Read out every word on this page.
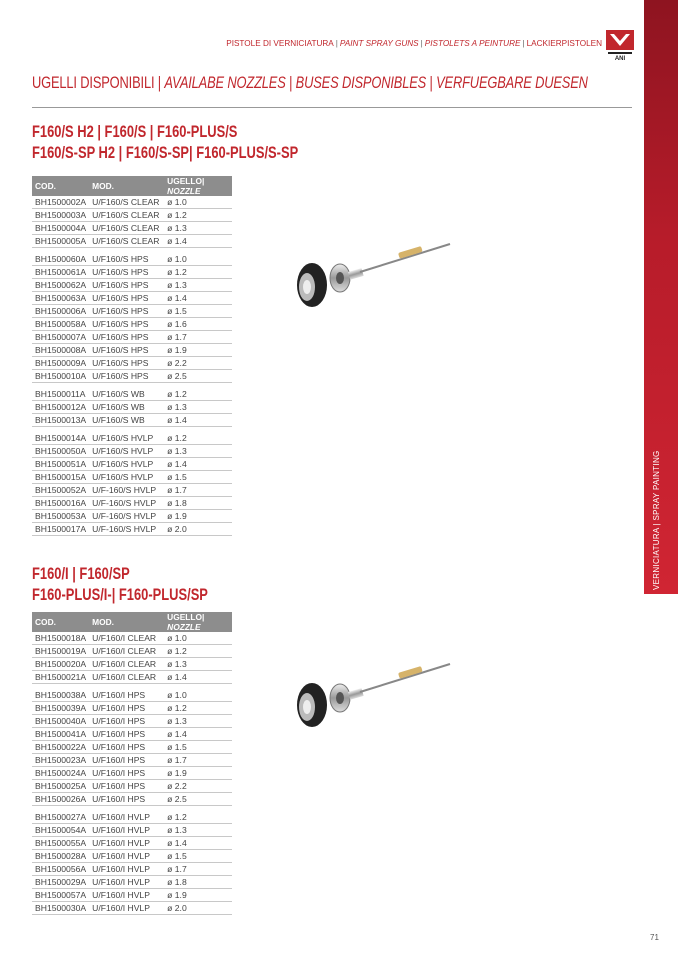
VERNICIATURA | SPRAY PAINTING
PISTOLE DI VERNICIATURA | PAINT SPRAY GUNS | PISTOLETS A PEINTURE | LACKIERPISTOLEN
ANI
UGELLI DISPONIBILI | AVAILABE NOZZLES | BUSES DISPONIBLES | VERFUEGBARE DUESEN
F160/S H2 | F160/S | F160-PLUS/S
F160/S-SP H2 | F160/S-SP| F160-PLUS/S-SP
COD.	MOD.	UGELLO| NOZZLE
BH1500002A	U/F160/S CLEAR	ø 1.0
BH1500003A	U/F160/S CLEAR	ø 1.2
BH1500004A	U/F160/S CLEAR	ø 1.3
BH1500005A	U/F160/S CLEAR	ø 1.4

BH1500060A	U/F160/S HPS	ø 1.0
BH1500061A	U/F160/S HPS	ø 1.2
BH1500062A	U/F160/S HPS	ø 1.3
BH1500063A	U/F160/S HPS	ø 1.4
BH1500006A	U/F160/S HPS	ø 1.5
BH1500058A	U/F160/S HPS	ø 1.6
BH1500007A	U/F160/S HPS	ø 1.7
BH1500008A	U/F160/S HPS	ø 1.9
BH1500009A	U/F160/S HPS	ø 2.2
BH1500010A	U/F160/S HPS	ø 2.5

BH1500011A	U/F160/S WB	ø 1.2
BH1500012A	U/F160/S WB	ø 1.3
BH1500013A	U/F160/S WB	ø 1.4

BH1500014A	U/F160/S HVLP	ø 1.2
BH1500050A	U/F160/S HVLP	ø 1.3
BH1500051A	U/F160/S HVLP	ø 1.4
BH1500015A	U/F160/S HVLP	ø 1.5
BH1500052A	U/F-160/S HVLP	ø 1.7
BH1500016A	U/F-160/S HVLP	ø 1.8
BH1500053A	U/F-160/S HVLP	ø 1.9
BH1500017A	U/F-160/S HVLP	ø 2.0
F160/I | F160/SP
F160-PLUS/I-| F160-PLUS/SP
COD.	MOD.	UGELLO| NOZZLE
BH1500018A	U/F160/I CLEAR	ø 1.0
BH1500019A	U/F160/I CLEAR	ø 1.2
BH1500020A	U/F160/I CLEAR	ø 1.3
BH1500021A	U/F160/I CLEAR	ø 1.4

BH1500038A	U/F160/I HPS	ø 1.0
BH1500039A	U/F160/I HPS	ø 1.2
BH1500040A	U/F160/I HPS	ø 1.3
BH1500041A	U/F160/I HPS	ø 1.4
BH1500022A	U/F160/I HPS	ø 1.5
BH1500023A	U/F160/I HPS	ø 1.7
BH1500024A	U/F160/I HPS	ø 1.9
BH1500025A	U/F160/I HPS	ø 2.2
BH1500026A	U/F160/I HPS	ø 2.5

BH1500027A	U/F160/I HVLP	ø 1.2
BH1500054A	U/F160/I HVLP	ø 1.3
BH1500055A	U/F160/I HVLP	ø 1.4
BH1500028A	U/F160/I HVLP	ø 1.5
BH1500056A	U/F160/I HVLP	ø 1.7
BH1500029A	U/F160/I HVLP	ø 1.8
BH1500057A	U/F160/I HVLP	ø 1.9
BH1500030A	U/F160/I HVLP	ø 2.0
71
